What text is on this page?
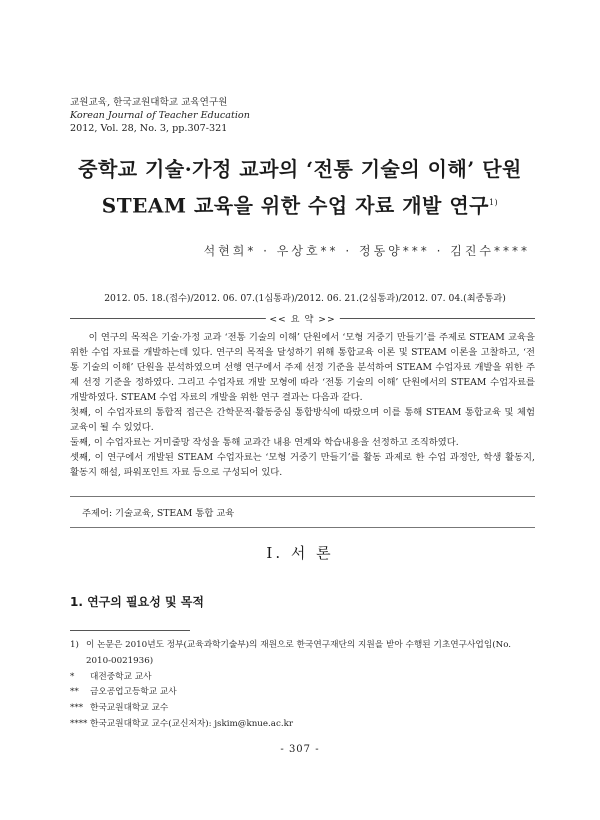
교원교육, 한국교원대학교 교육연구원
Korean Journal of Teacher Education
2012, Vol. 28, No. 3, pp.307-321
중학교 기술·가정 교과의 ‘전통 기술의 이해’ 단원
STEAM 교육을 위한 수업 자료 개발 연구$^{1)}$
석현희* · 우상호** · 정동양*** · 김진수****
2012. 05. 18.(접수)/2012. 06. 07.(1심통과)/2012. 06. 21.(2심통과)/2012. 07. 04.(최종통과)
<< 요 약 >>

이 연구의 목적은 기술·가정 교과 ‘전통 기술의 이해’ 단원에서 ‘모형 거중기 만들기’를 주제로 STEAM 교육을 위한 수업 자료를 개발하는데 있다. 연구의 목적을 달성하기 위해 통합교육 이론 및 STEAM 이론을 고찰하고, ‘전통 기술의 이해’ 단원을 분석하였으며 선행 연구에서 주제 선정 기준을 분석하여 STEAM 수업자료 개발을 위한 주제 선정 기준을 정하였다. 그리고 수업자료 개발 모형에 따라 ‘전통 기술의 이해’ 단원에서의 STEAM 수업자료를 개발하였다. STEAM 수업 자료의 개발을 위한 연구 결과는 다음과 같다.

첫째, 이 수업자료의 통합적 접근은 간학문적·활동중심 통합방식에 따랐으며 이를 통해 STEAM 통합교육 및 체험교육이 될 수 있었다.

둘째, 이 수업자료는 거미줄망 작성을 통해 교과간 내용 연계와 학습내용을 선정하고 조직하였다.

셋째, 이 연구에서 개발된 STEAM 수업자료는 ‘모형 거중기 만들기’를 활동 과제로 한 수업 과정안, 학생 활동지, 활동지 해설, 파워포인트 자료 등으로 구성되어 있다.

주제어: 기술교육, STEAM 통합 교육
I. 서 론
1. 연구의 필요성 및 목적
1) 이 논문은 2010년도 정부(교육과학기술부)의 재원으로 한국연구재단의 지원을 받아 수행된 기초연구사업임(No. 2010-0021936)
*	대전중학교 교사
**	금오공업고등학교 교사
*** 한국교원대학교 교수
**** 한국교원대학교 교수(교신저자): jskim@knue.ac.kr
- 307 -
